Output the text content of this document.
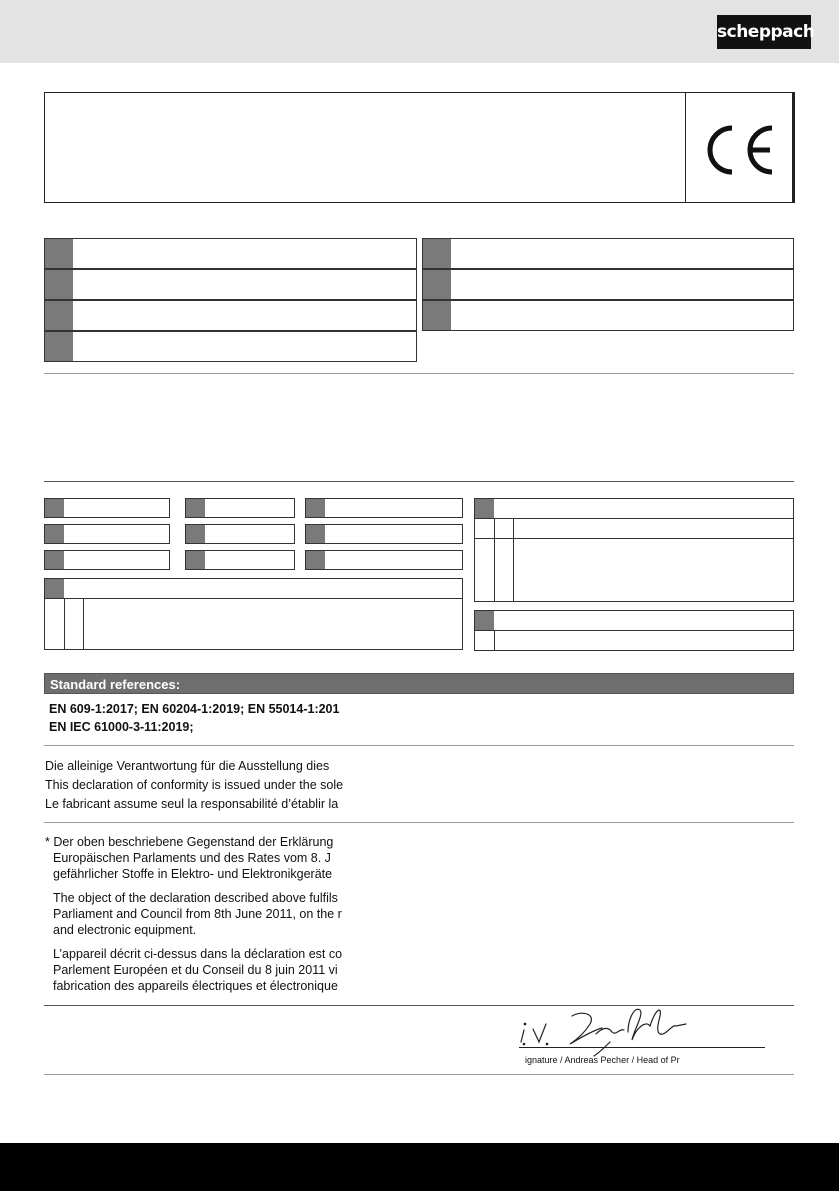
scheppach
Standard references:
EN 609-1:2017; EN 60204-1:2019; EN 55014-1:201
EN IEC 61000-3-11:2019;
Die alleinige Verantwortung für die Ausstellung dies
This declaration of conformity is issued under the sole
Le fabricant assume seul la responsabilité d’établir la
* Der oben beschriebene Gegenstand der Erklärung
Europäischen Parlaments und des Rates vom 8. J
gefährlicher Stoffe in Elektro- und Elektronikgeräte
The object of the declaration described above fulfils
Parliament and Council from 8th June 2011, on the r
and electronic equipment.
L’appareil décrit ci-dessus dans la déclaration est co
Parlement Européen et du Conseil du 8 juin 2011 vi
fabrication des appareils électriques et électronique
ignature / Andreas Pecher / Head of Pr
